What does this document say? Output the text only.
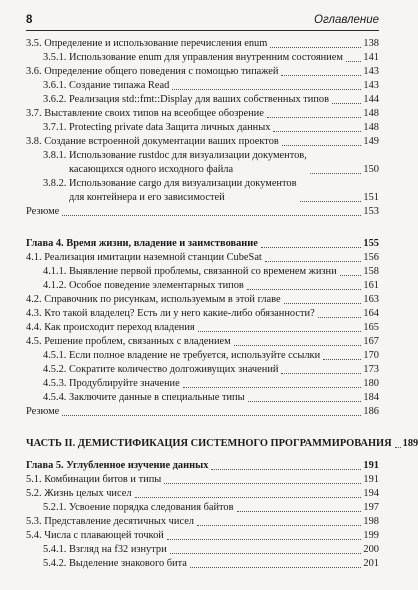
8	Оглавление
3.5. Определение и использование перечисления enum	138
3.5.1. Использование enum для управления внутренним состоянием 141
3.6. Определение общего поведения с помощью типажей	143
3.6.1. Создание типажа Read	143
3.6.2. Реализация std::fmt::Display для ваших собственных типов	144
3.7. Выставление своих типов на всеобщее обозрение	148
3.7.1. Protecting private data Защита личных данных	148
3.8. Создание встроенной документации ваших проектов	149
3.8.1. Использование rustdoc для визуализации документов,
касающихся одного исходного файла	150
3.8.2. Использование cargo для визуализации документов
для контейнера и его зависимостей	151
Резюме	153
Глава 4. Время жизни, владение и заимствование	155
4.1. Реализация имитации наземной станции CubeSat	156
4.1.1. Выявление первой проблемы, связанной со временем жизни	158
4.1.2. Особое поведение элементарных типов	161
4.2. Справочник по рисункам, используемым в этой главе	163
4.3. Кто такой владелец? Есть ли у него какие-либо обязанности?	164
4.4. Как происходит переход владения	165
4.5. Решение проблем, связанных с владением	167
4.5.1. Если полное владение не требуется, используйте ссылки	170
4.5.2. Сократите количество долгоживущих значений	173
4.5.3. Продублируйте значение	180
4.5.4. Заключите данные в специальные типы	184
Резюме	186
ЧАСТЬ II. ДЕМИСТИФИКАЦИЯ СИСТЕМНОГО ПРОГРАММИРОВАНИЯ 189
Глава 5. Углубленное изучение данных	191
5.1. Комбинации битов и типы	191
5.2. Жизнь целых чисел	194
5.2.1. Усвоение порядка следования байтов	197
5.3. Представление десятичных чисел	198
5.4. Числа с плавающей точкой	199
5.4.1. Взгляд на f32 изнутри	200
5.4.2. Выделение знакового бита	201
